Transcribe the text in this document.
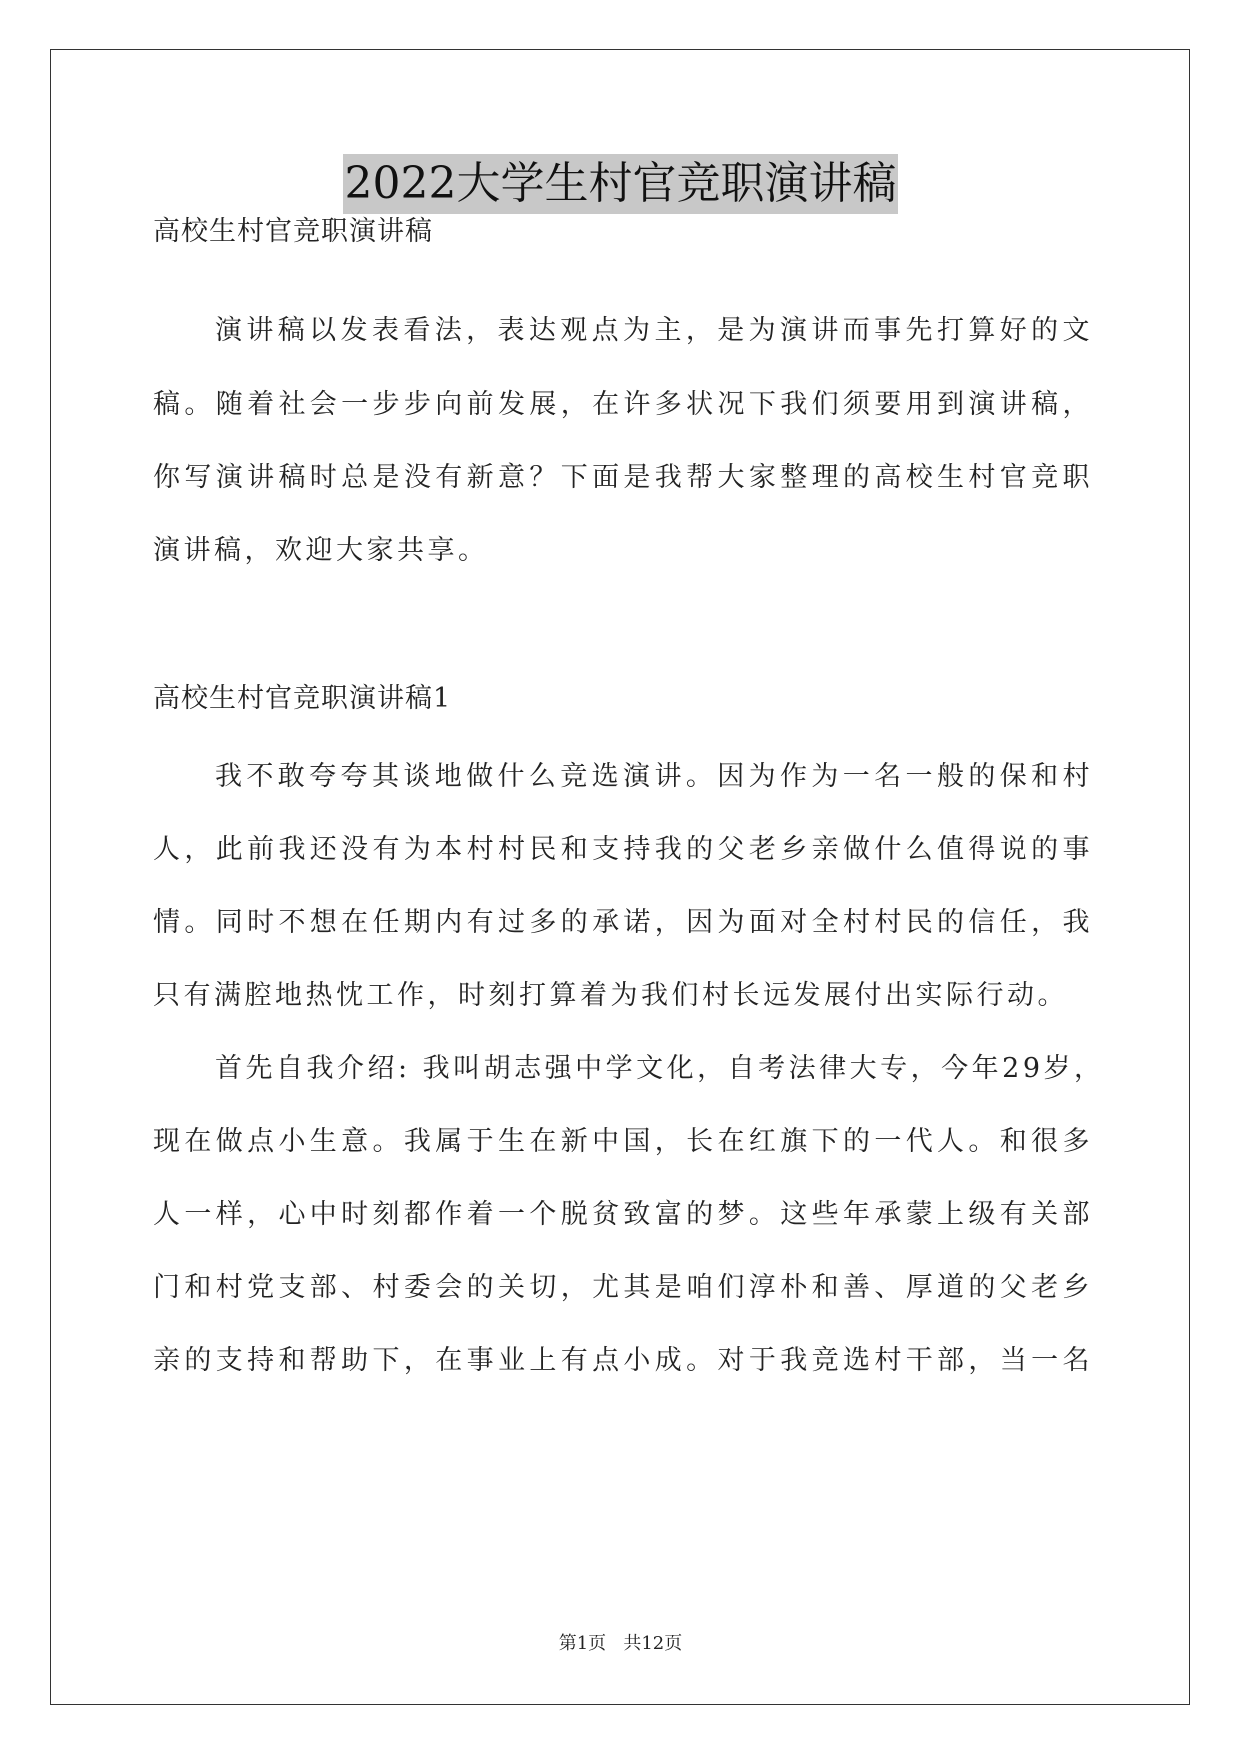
2022大学生村官竞职演讲稿
高校生村官竞职演讲稿
演讲稿以发表看法，表达观点为主，是为演讲而事先打算好的文
稿。随着社会一步步向前发展，在许多状况下我们须要用到演讲稿，
你写演讲稿时总是没有新意？下面是我帮大家整理的高校生村官竞职
演讲稿，欢迎大家共享。
高校生村官竞职演讲稿1
我不敢夸夸其谈地做什么竞选演讲。因为作为一名一般的保和村
人，此前我还没有为本村村民和支持我的父老乡亲做什么值得说的事
情。同时不想在任期内有过多的承诺，因为面对全村村民的信任，我
只有满腔地热忱工作，时刻打算着为我们村长远发展付出实际行动。
首先自我介绍: 我叫胡志强中学文化，自考法律大专，今年29岁，
现在做点小生意。我属于生在新中国，长在红旗下的一代人。和很多
人一样，心中时刻都作着一个脱贫致富的梦。这些年承蒙上级有关部
门和村党支部、村委会的关切，尤其是咱们淳朴和善、厚道的父老乡
亲的支持和帮助下，在事业上有点小成。对于我竞选村干部，当一名
第1页 共12页
